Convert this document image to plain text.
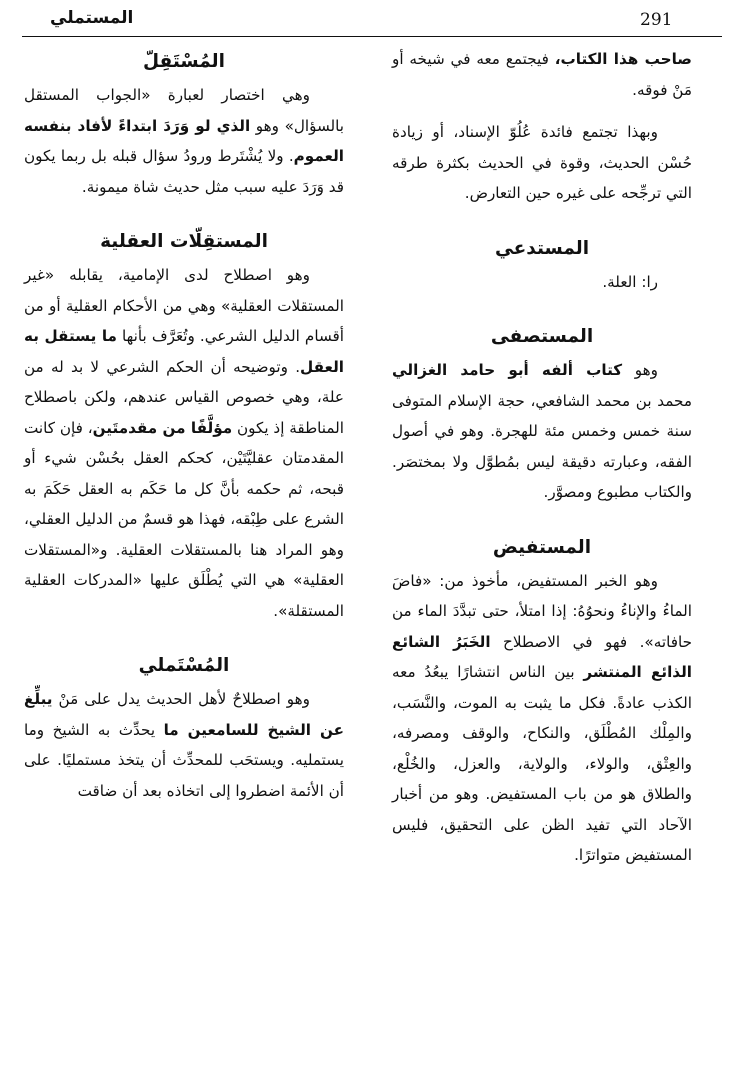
291
المستملي

صاحب هذا الكتاب، فيجتمع معه في شيخه أو مَنْ فوقه.

وبهذا تجتمع فائدة عُلُوّ الإسناد، أو زيادة حُسْن الحديث، وقوة في الحديث بكثرة طرقه التي ترجِّحه على غيره حين التعارض.

المستدعي

را: العلة.

المستصفى

وهو كتاب ألفه أبو حامد الغزالي محمد بن محمد الشافعي، حجة الإسلام المتوفى سنة خمس وخمس مئة للهجرة. وهو في أصول الفقه، وعبارته دقيقة ليس بمُطوَّل ولا بمختصَر. والكتاب مطبوع ومصوَّر.

المستفيض

وهو الخبر المستفيض، مأخوذ من: «فاضَ الماءُ والإناءُ ونحوُهُ: إذا امتلأ، حتى تبدَّدَ الماء من حافاته». فهو في الاصطلاح الخَبَرُ الشائع الذائع المنتشر بين الناس انتشارًا يبعُدُ معه الكذب عادةً. فكل ما يثبت به الموت، والنَّسَب، والمِلْك المُطْلَق، والنكاح، والوقف ومصرفه، والعِتْق، والولاء، والولاية، والعزل، والخُلْع، والطلاق هو من باب المستفيض. وهو من أخبار الآحاد التي تفيد الظن على التحقيق، فليس المستفيض متواترًا.

المُسْتَقِلّ

وهي اختصار لعبارة «الجواب المستقل بالسؤال» وهو الذي لو وَرَدَ ابتداءً لأفاد بنفسه العموم. ولا يُشْتَرط ورودُ سؤال قبله بل ربما يكون قد وَرَدَ عليه سبب مثل حديث شاة ميمونة.

المستقِلّات العقلية

وهو اصطلاح لدى الإمامية، يقابله «غير المستقلات العقلية» وهي من الأحكام العقلية أو من أقسام الدليل الشرعي. وتُعَرَّف بأنها ما يستقل به العقل. وتوضيحه أن الحكم الشرعي لا بد له من علة، وهي خصوص القياس عندهم، ولكن باصطلاح المناطقة إذ يكون مؤلَّفًا من مقدمتَين، فإن كانت المقدمتان عقليَّتَيْن، كحكم العقل بحُسْن شيء أو قبحه، ثم حكمه بأنَّ كل ما حَكَم به العقل حَكَمَ به الشرع على طِبْقه، فهذا هو قسمٌ من الدليل العقلي، وهو المراد هنا بالمستقلات العقلية. و«المستقلات العقلية» هي التي يُطْلَق عليها «المدركات العقلية المستقلة».

المُسْتَملي

وهو اصطلاحٌ لأهل الحديث يدل على مَنْ يبلِّغ عن الشيخ للسامعين ما يحدِّث به الشيخ وما يستمليه. ويستحَب للمحدِّث أن يتخذ مستمليًا. على أن الأئمة اضطروا إلى اتخاذه بعد أن ضاقت
